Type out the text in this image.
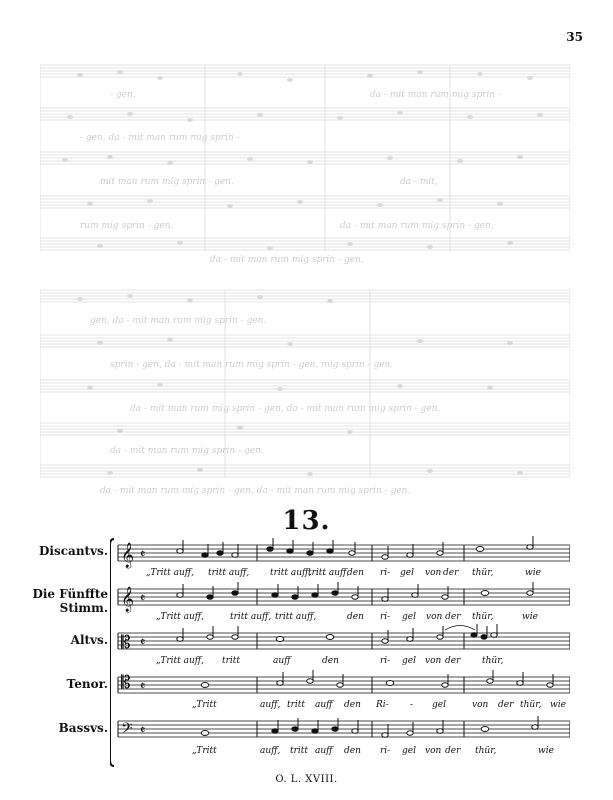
35
- gen,	da - mit man rum mig sprin -
- gen, da - mit man rum mig sprin -
mit man rum mig sprin - gen.	da - mit,
rum mig sprin - gen.	da - mit man rum mig sprin - gen,
da - mit man rum mig sprin - gen,
gen, da - mit man rum mig sprin - gen.
sprin - gen, da - mit man rum mig sprin - gen, mig sprin - gen.
da - mit man rum mig sprin - gen, da - mit man rum mig sprin - gen.
da - mit man rum mig sprin - gen.
da - mit man rum mig sprin - gen, da - mit man rum mig sprin - gen.
13.
Discantvs.
Die Fünffte Stimm.
Altvs.
Tenor.
Bassvs.
𝄞
𝄞
𝄡
𝄡
𝄢
𝄵
𝄵
𝄵
𝄵
𝄵
„Tritt auff, tritt auff, tritt auff,
tritt auff,
den ri- gel von der thür,	wie
„Tritt auff,	tritt auff, tritt auff,	den ri- gel von der thür,	wie
„Tritt auff, tritt	auff	den	ri- gel von der thür,
„Tritt	auff, tritt auff den Ri- - gel	von der thür, wie
„Tritt	auff, tritt auff den ri- gel von der thür,	wie
O. L. XVIII.
